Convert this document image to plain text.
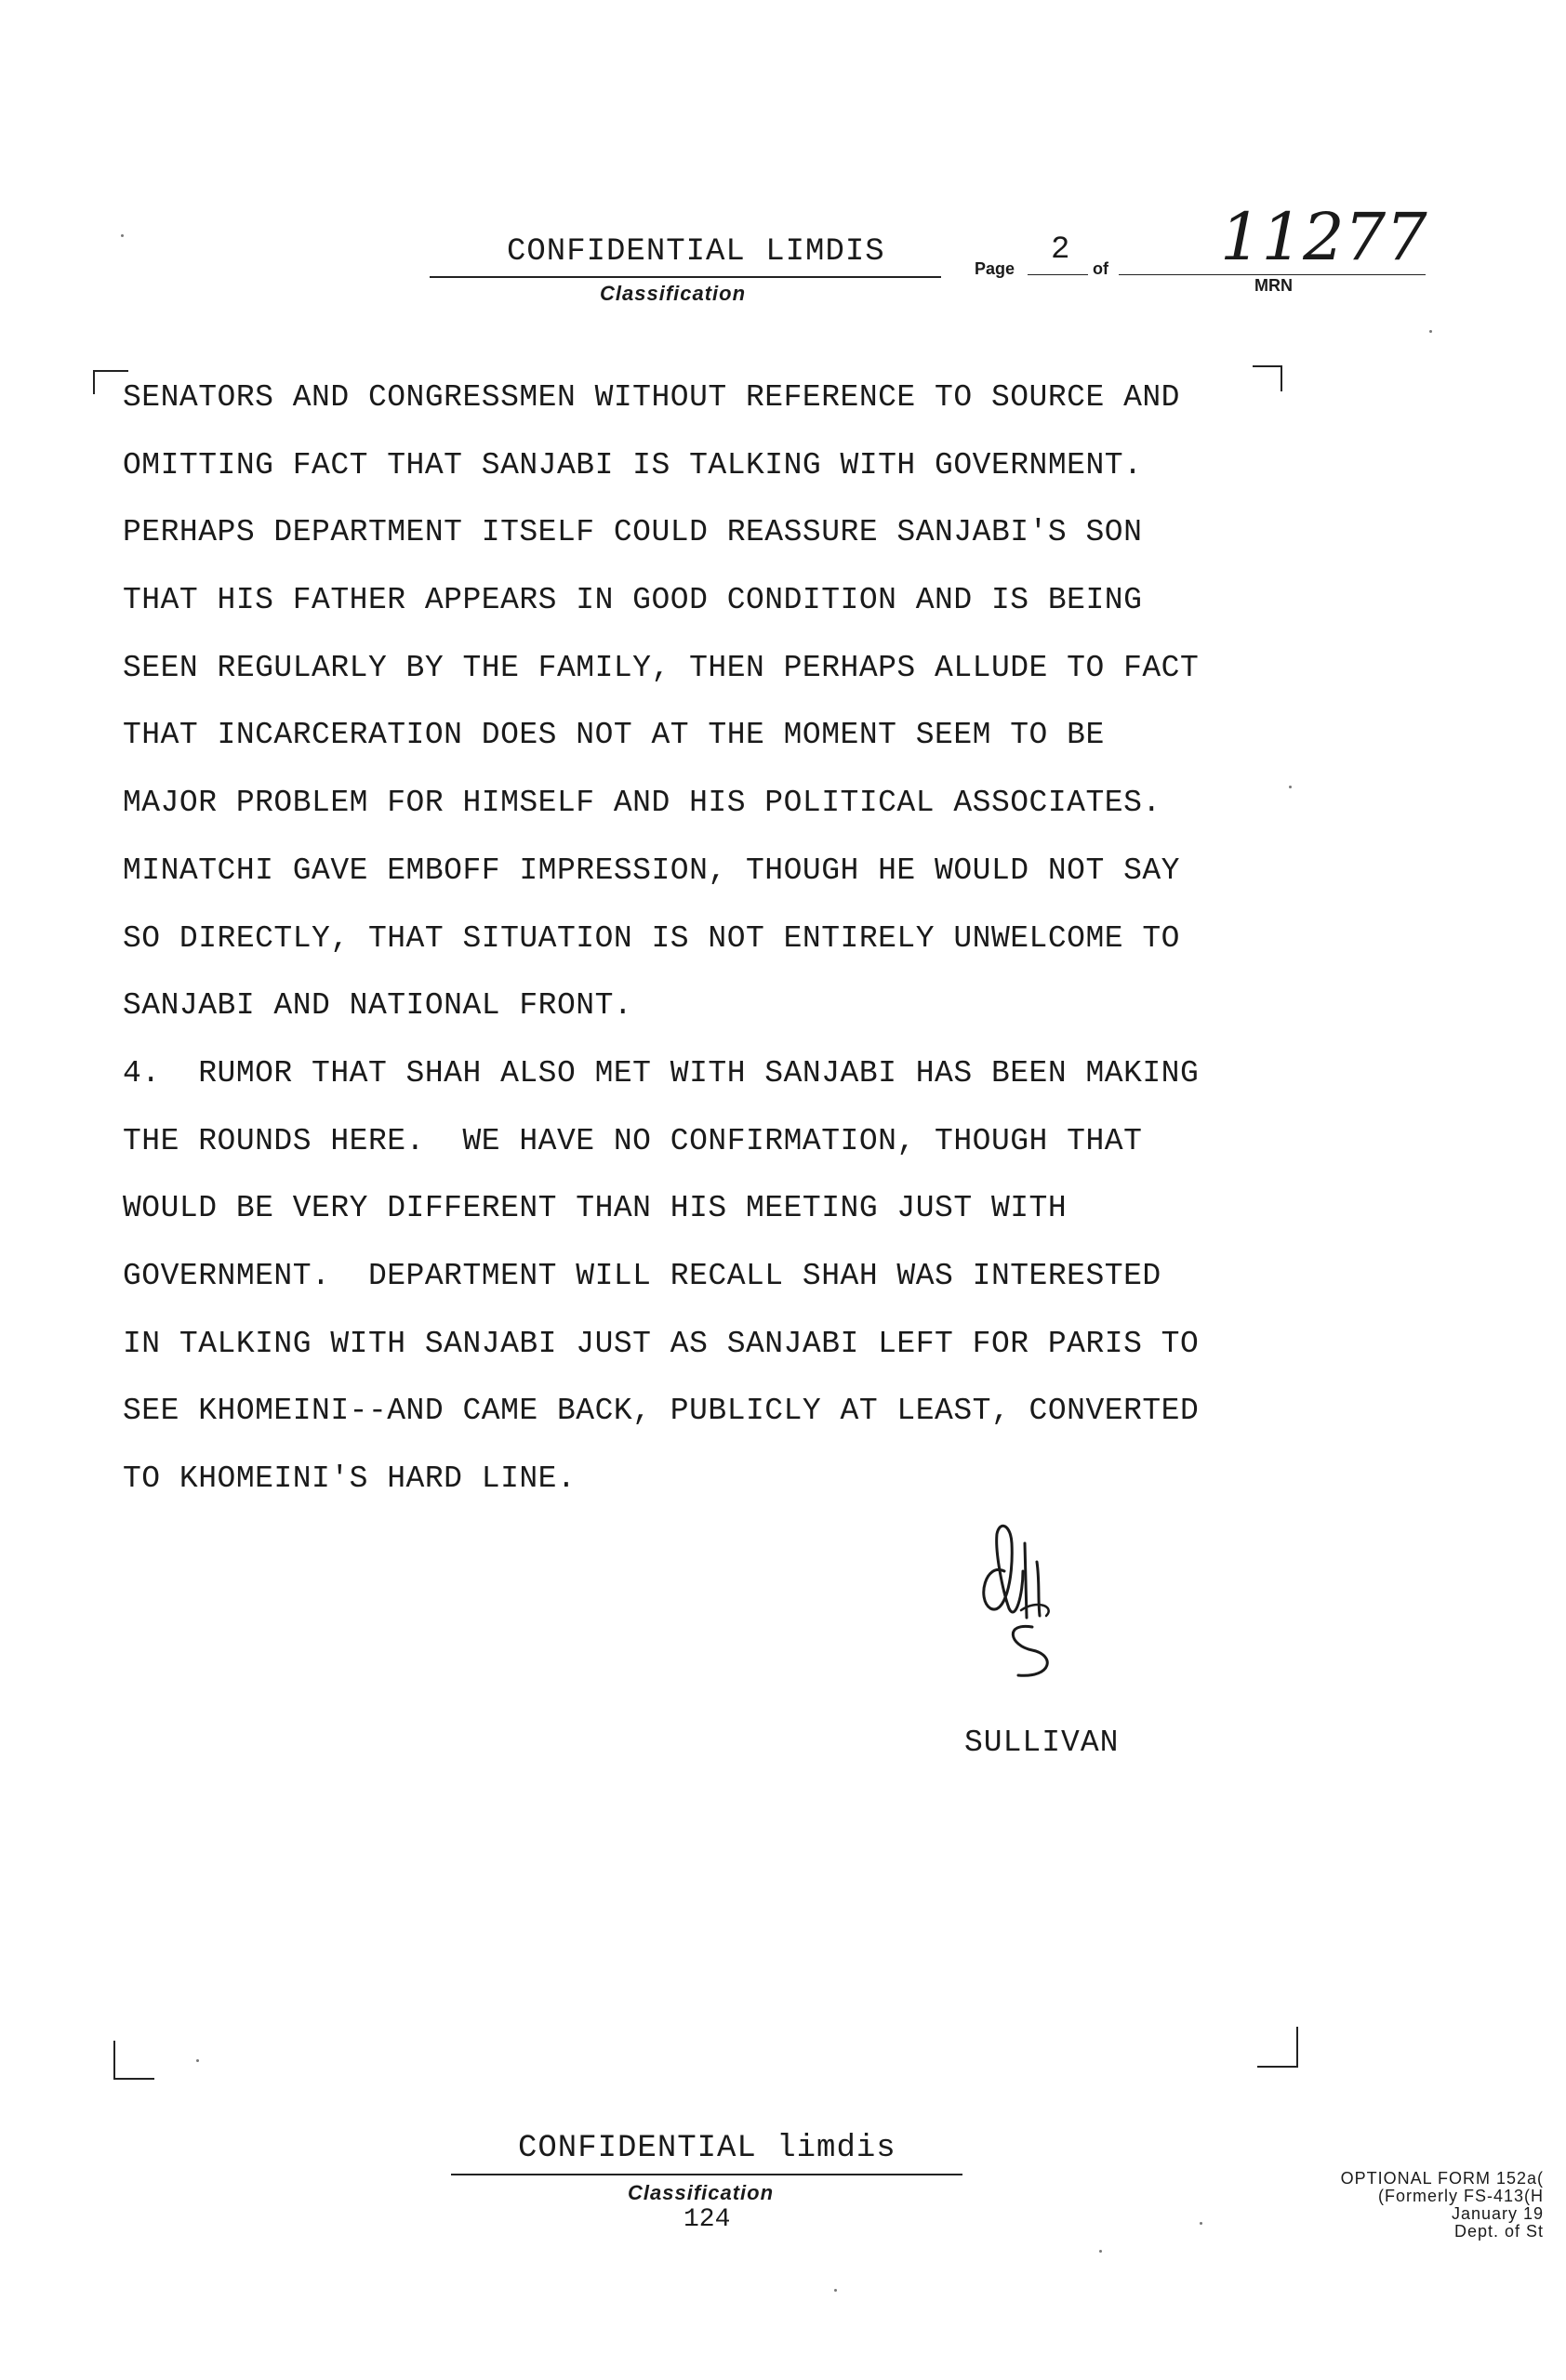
CONFIDENTIAL LIMDIS
Classification
Page
2
of 11277
MRN
SENATORS AND CONGRESSMEN WITHOUT REFERENCE TO SOURCE AND
OMITTING FACT THAT SANJABI IS TALKING WITH GOVERNMENT.
PERHAPS DEPARTMENT ITSELF COULD REASSURE SANJABI'S SON
THAT HIS FATHER APPEARS IN GOOD CONDITION AND IS BEING
SEEN REGULARLY BY THE FAMILY, THEN PERHAPS ALLUDE TO FACT
THAT INCARCERATION DOES NOT AT THE MOMENT SEEM TO BE
MAJOR PROBLEM FOR HIMSELF AND HIS POLITICAL ASSOCIATES.
MINATCHI GAVE EMBOFF IMPRESSION, THOUGH HE WOULD NOT SAY
SO DIRECTLY, THAT SITUATION IS NOT ENTIRELY UNWELCOME TO
SANJABI AND NATIONAL FRONT.
4.  RUMOR THAT SHAH ALSO MET WITH SANJABI HAS BEEN MAKING
THE ROUNDS HERE.  WE HAVE NO CONFIRMATION, THOUGH THAT
WOULD BE VERY DIFFERENT THAN HIS MEETING JUST WITH
GOVERNMENT.  DEPARTMENT WILL RECALL SHAH WAS INTERESTED
IN TALKING WITH SANJABI JUST AS SANJABI LEFT FOR PARIS TO
SEE KHOMEINI--AND CAME BACK, PUBLICLY AT LEAST, CONVERTED
TO KHOMEINI'S HARD LINE.
SULLIVAN
CONFIDENTIAL limdis
Classification
124
OPTIONAL FORM 152a(
(Formerly FS-413(H
January 19
Dept. of St
